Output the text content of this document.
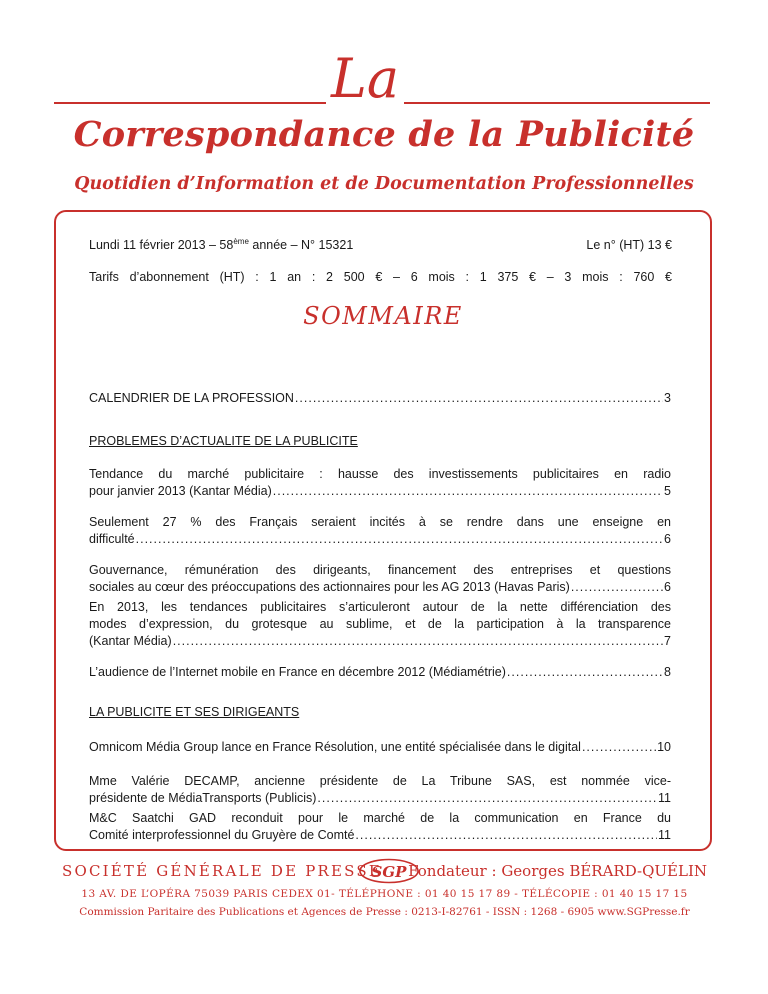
La
Correspondance de la Publicité
Quotidien d’Information et de Documentation Professionnelles
Lundi 11 février 2013 – 58ème année – N° 15321	Le n° (HT) 13 €
Tarifs d’abonnement (HT) : 1 an : 2 500 € – 6 mois : 1 375 € – 3 mois : 760 €
SOMMAIRE
CALENDRIER DE LA PROFESSION .....	3
PROBLEMES D’ACTUALITE DE LA PUBLICITE
Tendance du marché publicitaire : hausse des investissements publicitaires en radio
pour janvier 2013 (Kantar Média) .....	5
Seulement 27 % des Français seraient incités à se rendre dans une enseigne en
difficulté .....	6
Gouvernance, rémunération des dirigeants, financement des entreprises et questions
sociales au cœur des préoccupations des actionnaires pour les AG 2013 (Havas Paris) .....	6
En 2013, les tendances publicitaires s’articuleront autour de la nette différenciation des
modes d’expression, du grotesque au sublime, et de la participation à la transparence
(Kantar Média) .....	7
L’audience de l’Internet mobile en France en décembre 2012 (Médiamétrie) .....	8
LA PUBLICITE ET SES DIRIGEANTS
Omnicom Média Group lance en France Résolution, une entité spécialisée dans le digital .....	10
Mme Valérie DECAMP, ancienne présidente de La Tribune SAS, est nommée vice-
présidente de MédiaTransports (Publicis) .....	11
M&C Saatchi GAD reconduit pour le marché de la communication en France du
Comité interprofessionnel du Gruyère de Comté .....	11
SOCIÉTÉ GÉNÉRALE DE PRESSE
SGP Fondateur : Georges BÉRARD-QUÉLIN
13 AV. DE L’OPÉRA 75039 PARIS CEDEX 01- TÉLÉPHONE : 01 40 15 17 89 - TÉLÉCOPIE : 01 40 15 17 15
Commission Paritaire des Publications et Agences de Presse : 0213-I-82761 - ISSN : 1268 - 6905 www.SGPresse.fr
